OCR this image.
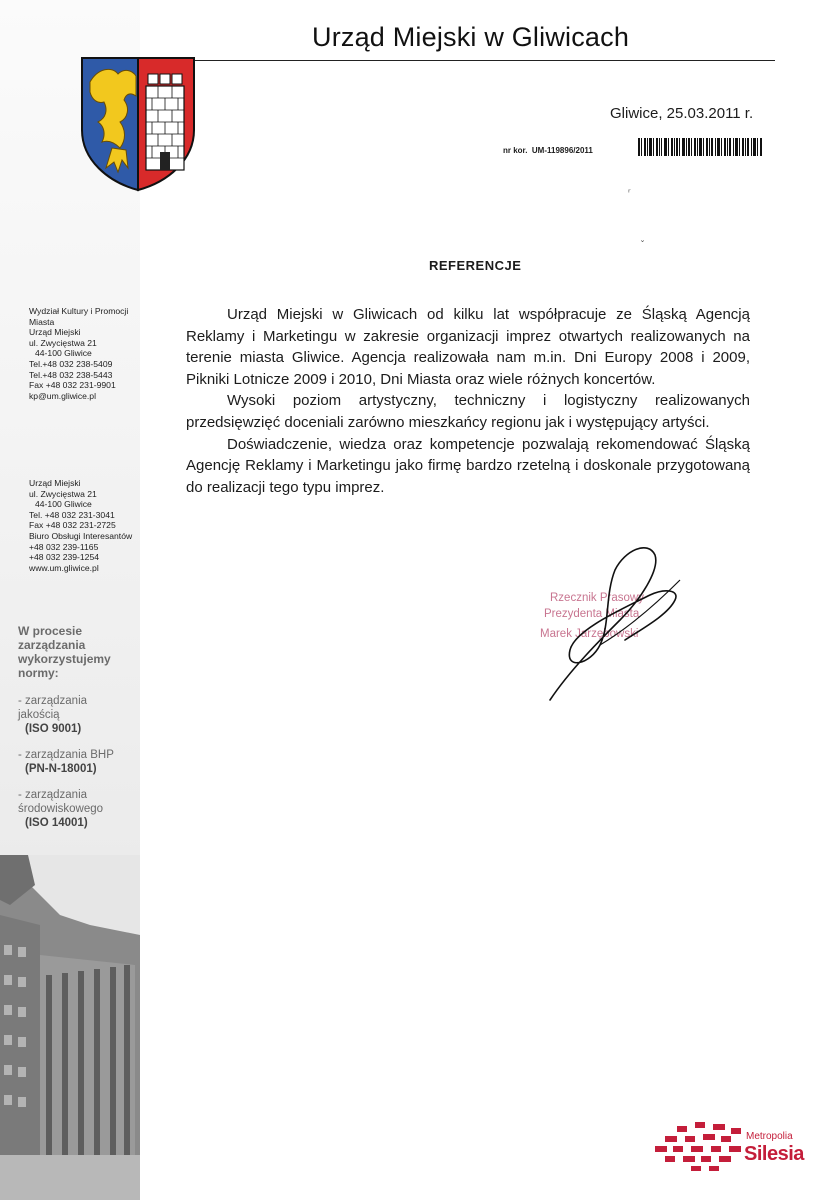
Urząd Miejski w Gliwicach
Gliwice, 25.03.2011 r.
nr kor. UM-119896/2011
ʳ
ˇ
REFERENCJE

Urząd Miejski w Gliwicach od kilku lat współpracuje ze Śląską Agencją Reklamy i Marketingu w zakresie organizacji imprez otwartych realizowanych na terenie miasta Gliwice. Agencja realizowała nam m.in. Dni Europy 2008 i 2009, Pikniki Lotnicze 2009 i 2010, Dni Miasta oraz wiele różnych koncertów.

Wysoki poziom artystyczny, techniczny i logistyczny realizowanych przedsięwzięć doceniali zarówno mieszkańcy regionu jak i występujący artyści.

Doświadczenie, wiedza oraz kompetencje pozwalają rekomendować Śląską Agencję Reklamy i Marketingu jako firmę bardzo rzetelną i doskonale przygotowaną do realizacji tego typu imprez.

Wydział Kultury i Promocji
Miasta
Urząd Miejski
ul. Zwycięstwa 21
44-100 Gliwice
Tel.+48 032 238-5409
Tel.+48 032 238-5443
Fax +48 032 231-9901
kp@um.gliwice.pl
Urząd Miejski
ul. Zwycięstwa 21
44-100 Gliwice
Tel. +48 032 231-3041
Fax +48 032 231-2725
Biuro Obsługi Interesantów
+48 032 239-1165
+48 032 239-1254
www.um.gliwice.pl
W procesie zarządzania wykorzystujemy normy:
- zarządzania jakością
(ISO 9001)
- zarządzania BHP
(PN-N-18001)
- zarządzania środowiskowego
(ISO 14001)
Rzecznik Prasowy
Prezydenta Miasta
Marek Jarzębowski
Metropolia
Silesia
